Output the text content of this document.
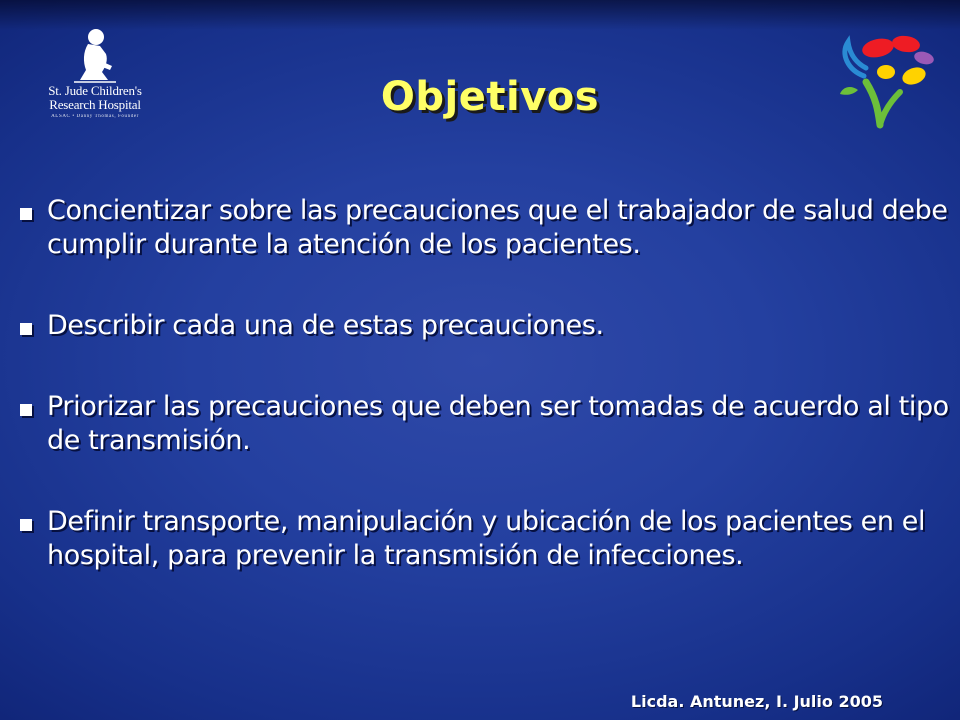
St. Jude Children's
Research Hospital
ALSAC • Danny Thomas, Founder	Objetivos
Concientizar sobre las precauciones que el trabajador de salud debe cumplir durante la atención de los pacientes.
Describir cada una de estas precauciones.
Priorizar las precauciones que deben ser tomadas de acuerdo al tipo de transmisión.
Definir transporte, manipulación y ubicación de los pacientes en el hospital, para prevenir la transmisión de infecciones.
Licda. Antunez, I. Julio 2005
